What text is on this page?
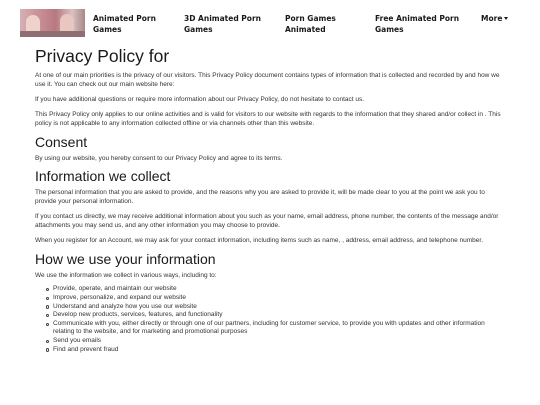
Animated Porn Games
3D Animated Porn Games
Porn Games Animated
Free Animated Porn Games
More
Privacy Policy for

At one of our main priorities is the privacy of our visitors. This Privacy Policy document contains types of information that is collected and recorded by and how we use it. You can check out our main website here:

If you have additional questions or require more information about our Privacy Policy, do not hesitate to contact us.

This Privacy Policy only applies to our online activities and is valid for visitors to our website with regards to the information that they shared and/or collect in . This policy is not applicable to any information collected offline or via channels other than this website.

Consent

By using our website, you hereby consent to our Privacy Policy and agree to its terms.

Information we collect

The personal information that you are asked to provide, and the reasons why you are asked to provide it, will be made clear to you at the point we ask you to provide your personal information.

If you contact us directly, we may receive additional information about you such as your name, email address, phone number, the contents of the message and/or attachments you may send us, and any other information you may choose to provide.

When you register for an Account, we may ask for your contact information, including items such as name, , address, email address, and telephone number.

How we use your information

We use the information we collect in various ways, including to:

Provide, operate, and maintain our website
Improve, personalize, and expand our website
Understand and analyze how you use our website
Develop new products, services, features, and functionality
Communicate with you, either directly or through one of our partners, including for customer service, to provide you with updates and other information relating to the website, and for marketing and promotional purposes
Send you emails
Find and prevent fraud
